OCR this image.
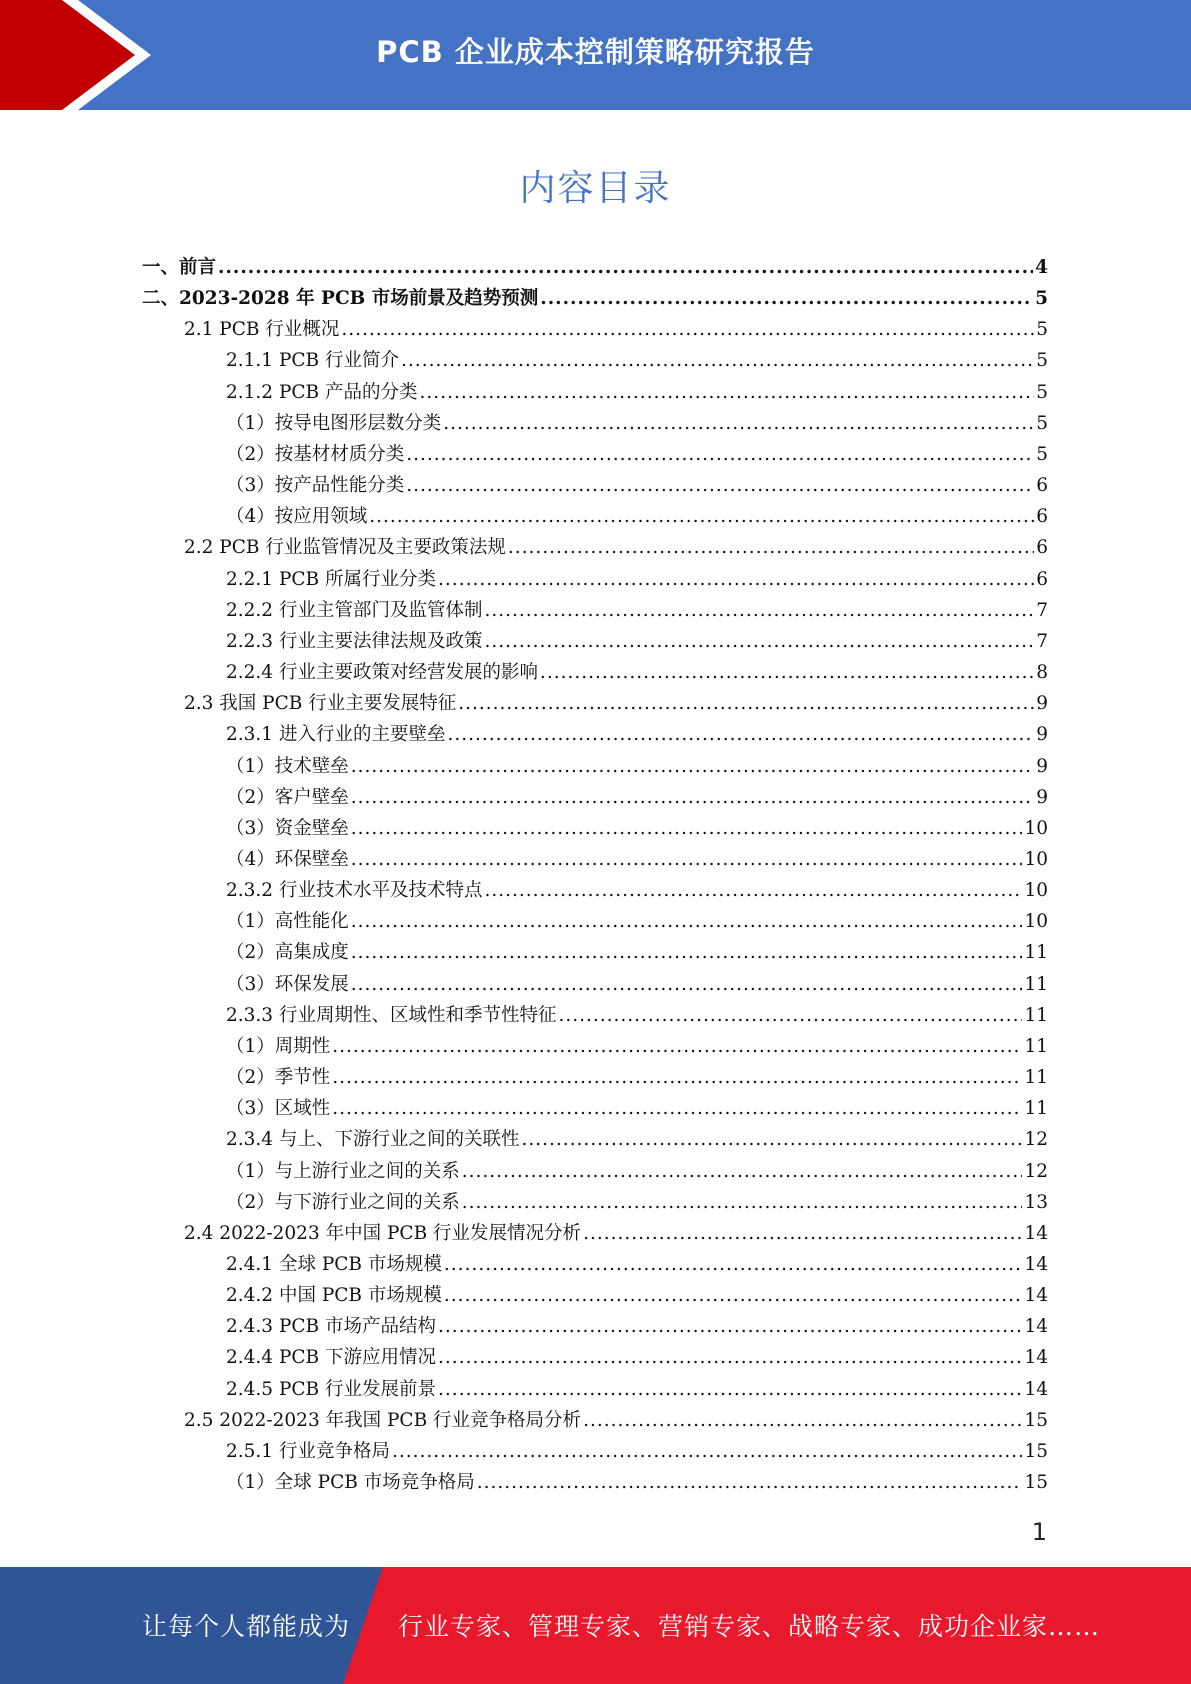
PCB 企业成本控制策略研究报告
内容目录
一、前言 .....	4
二、2023-2028 年 PCB 市场前景及趋势预测 .....	5
2.1 PCB 行业概况 .....	5
2.1.1 PCB 行业简介 .....	5
2.1.2 PCB 产品的分类 .....	5
（1）按导电图形层数分类 .....	5
（2）按基材材质分类 .....	5
（3）按产品性能分类 .....	6
（4）按应用领域 .....	6
2.2 PCB 行业监管情况及主要政策法规 .....	6
2.2.1 PCB 所属行业分类 .....	6
2.2.2 行业主管部门及监管体制 .....	7
2.2.3 行业主要法律法规及政策 .....	7
2.2.4 行业主要政策对经营发展的影响 .....	8
2.3 我国 PCB 行业主要发展特征 .....	9
2.3.1 进入行业的主要壁垒 .....	9
（1）技术壁垒 .....	9
（2）客户壁垒 .....	9
（3）资金壁垒 .....	10
（4）环保壁垒 .....	10
2.3.2 行业技术水平及技术特点 .....	10
（1）高性能化 .....	10
（2）高集成度 .....	11
（3）环保发展 .....	11
2.3.3 行业周期性、区域性和季节性特征 .....	11
（1）周期性 .....	11
（2）季节性 .....	11
（3）区域性 .....	11
2.3.4 与上、下游行业之间的关联性 .....	12
（1）与上游行业之间的关系 .....	12
（2）与下游行业之间的关系 .....	13
2.4 2022-2023 年中国 PCB 行业发展情况分析 .....	14
2.4.1 全球 PCB 市场规模 .....	14
2.4.2 中国 PCB 市场规模 .....	14
2.4.3 PCB 市场产品结构 .....	14
2.4.4 PCB 下游应用情况 .....	14
2.4.5 PCB 行业发展前景 .....	14
2.5 2022-2023 年我国 PCB 行业竞争格局分析 .....	15
2.5.1 行业竞争格局 .....	15
（1）全球 PCB 市场竞争格局 .....	15
1
让每个人都能成为 行业专家、管理专家、营销专家、战略专家、成功企业家……
